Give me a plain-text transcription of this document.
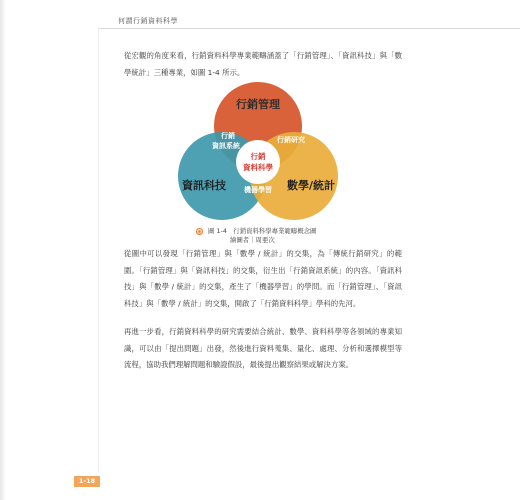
何謂行銷資料科學

從宏觀的角度來看，行銷資料科學專業範疇涵蓋了「行銷管理」、「資訊科技」與「數學統計」三種專業，如圖 1-4 所示。

行銷管理
資訊科技	數學/統計
行銷
資訊系統
行銷研究
機器學習
行銷
資料科學
◉ 圖 1-4　行銷資料科學專業範疇概念圖
繪圖者｜周亜次

從圖中可以發現「行銷管理」與「數學 / 統計」的交集，為「傳統行銷研究」的範圍。「行銷管理」與「資訊科技」的交集，衍生出「行銷資訊系統」的內容。「資訊科技」與「數學 / 統計」的交集，產生了「機器學習」的學問。而「行銷管理」、「資訊科技」與「數學 / 統計」的交集，開啟了「行銷資料科學」學科的先河。

再進一步看，行銷資料科學的研究需要結合統計、數學、資料科學等各領域的專業知識，可以由「提出問題」出發，然後進行資料蒐集、量化、處理、分析和選擇模型等流程，協助我們理解問題和驗證假設，最後提出觀察結果或解決方案。

1-18
